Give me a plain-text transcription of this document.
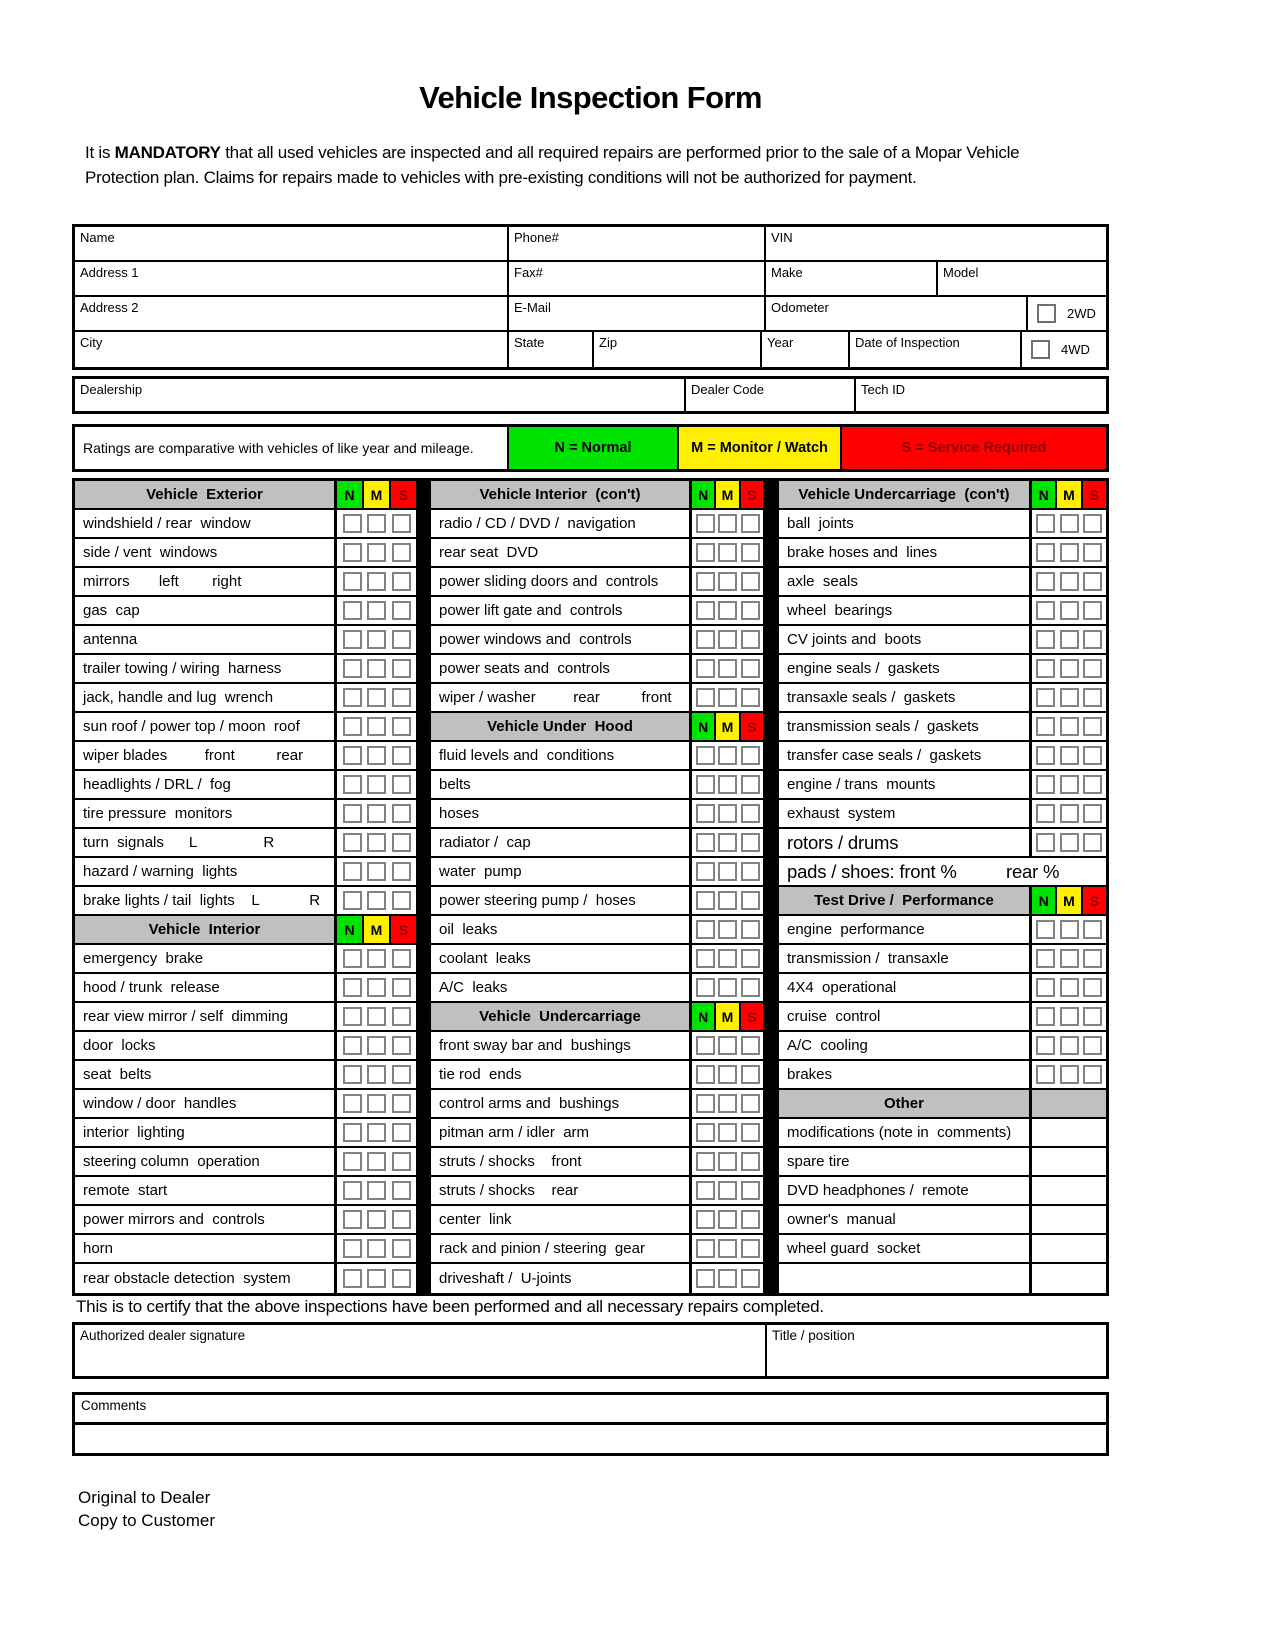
Vehicle Inspection Form
It is MANDATORY that all used vehicles are inspected and all required repairs are performed prior to the sale of a Mopar Vehicle Protection plan. Claims for repairs made to vehicles with pre-existing conditions will not be authorized for payment.
Name	Phone#	VIN
Address 1	Fax#	Make	Model
Address 2	E-Mail	Odometer	2WD
City	State	Zip	Year	Date of Inspection	4WD
Dealership	Dealer Code	Tech ID
Ratings are comparative with vehicles of like year and mileage.	N = Normal	M = Monitor / Watch	S = Service Required
Vehicle  Exterior	N	M	S
windshield / rear  window
side / vent  windows
mirrors       left        right
gas  cap
antenna
trailer towing / wiring  harness
jack, handle and lug  wrench
sun roof / power top / moon  roof
wiper blades         front          rear
headlights / DRL /  fog
tire pressure  monitors
turn  signals      L                R
hazard / warning  lights
brake lights / tail  lights    L            R
Vehicle  Interior	N	M	S
emergency  brake
hood / trunk  release
rear view mirror / self  dimming
door  locks
seat  belts
window / door  handles
interior  lighting
steering column  operation
remote  start
power mirrors and  controls
horn
rear obstacle detection  system
Vehicle Interior  (con't)	N M S
radio / CD / DVD /  navigation
rear seat  DVD
power sliding doors and  controls
power lift gate and  controls
power windows and  controls
power seats and  controls
wiper / washer         rear          front
Vehicle Under  Hood	N M S
fluid levels and  conditions
belts
hoses
radiator /  cap
water  pump
power steering pump /  hoses
oil  leaks
coolant  leaks
A/C  leaks
Vehicle  Undercarriage	N M S
front sway bar and  bushings
tie rod  ends
control arms and  bushings
pitman arm / idler  arm
struts / shocks    front
struts / shocks    rear
center  link
rack and pinion / steering  gear
driveshaft /  U-joints
Vehicle Undercarriage  (con't)	N	M	S
ball  joints
brake hoses and  lines
axle  seals
wheel  bearings
CV joints and  boots
engine seals /  gaskets
transaxle seals /  gaskets
transmission seals /  gaskets
transfer case seals /  gaskets
engine / trans  mounts
exhaust  system
rotors / drums
pads / shoes: front %          rear %
Test Drive /  Performance	N	M	S
engine  performance
transmission /  transaxle
4X4  operational
cruise  control
A/C  cooling
brakes
Other
modifications (note in  comments)
spare tire
DVD headphones /  remote
owner's  manual
wheel guard  socket
This is to certify that the above inspections have been performed and all necessary repairs completed.
Authorized dealer signature	Title / position
Comments
Original to Dealer
Copy to Customer
